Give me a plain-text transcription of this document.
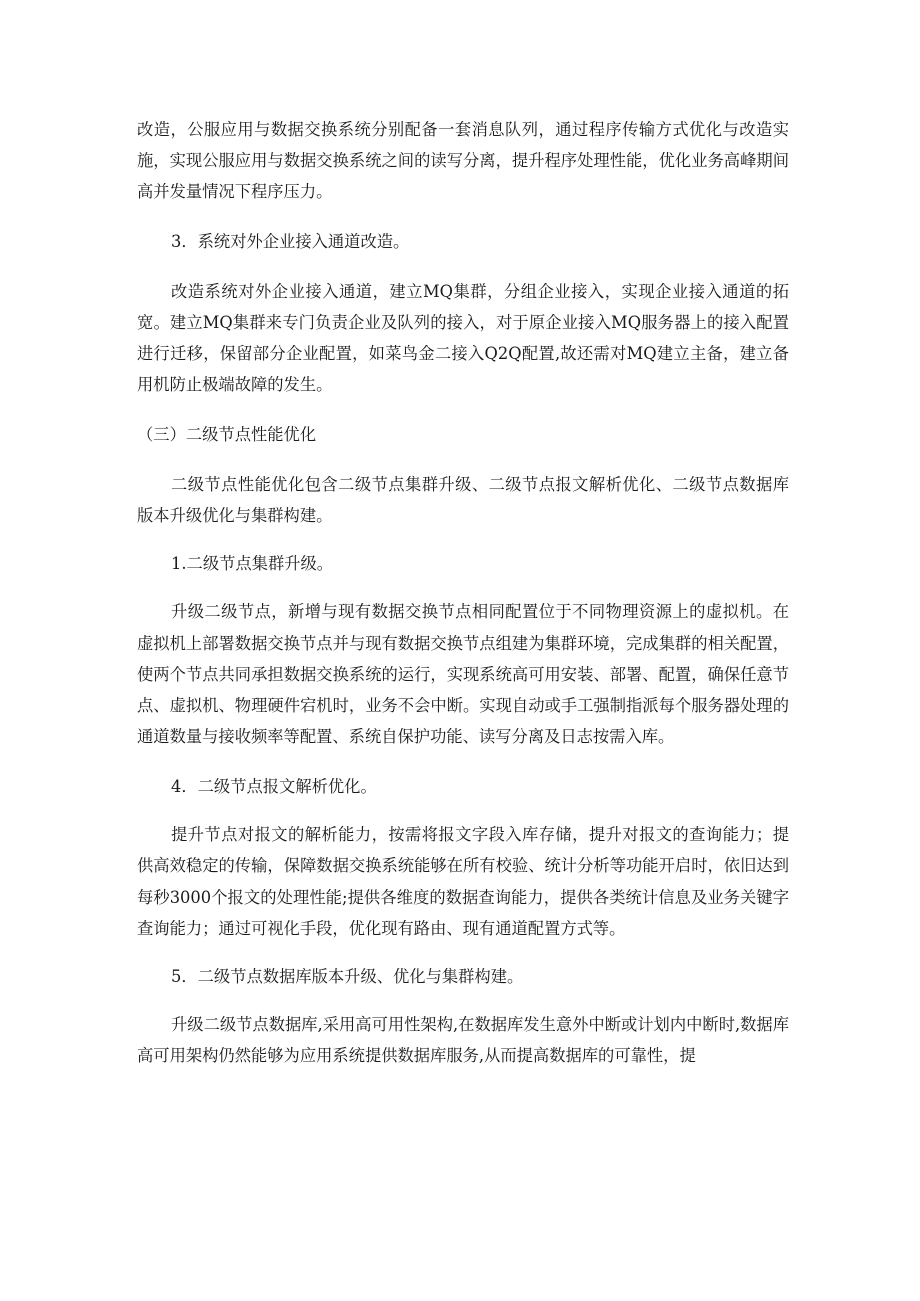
改造，公服应用与数据交换系统分别配备一套消息队列，通过程序传输方式优化与改造实施，实现公服应用与数据交换系统之间的读写分离，提升程序处理性能，优化业务高峰期间高并发量情况下程序压力。

3．系统对外企业接入通道改造。

改造系统对外企业接入通道，建立MQ集群，分组企业接入，实现企业接入通道的拓宽。建立MQ集群来专门负责企业及队列的接入，对于原企业接入MQ服务器上的接入配置进行迁移，保留部分企业配置，如菜鸟金二接入Q2Q配置,故还需对MQ建立主备，建立备用机防止极端故障的发生。

（三）二级节点性能优化

二级节点性能优化包含二级节点集群升级、二级节点报文解析优化、二级节点数据库版本升级优化与集群构建。

1.二级节点集群升级。

升级二级节点，新增与现有数据交换节点相同配置位于不同物理资源上的虚拟机。在虚拟机上部署数据交换节点并与现有数据交换节点组建为集群环境，完成集群的相关配置，使两个节点共同承担数据交换系统的运行，实现系统高可用安装、部署、配置，确保任意节点、虚拟机、物理硬件宕机时，业务不会中断。实现自动或手工强制指派每个服务器处理的通道数量与接收频率等配置、系统自保护功能、读写分离及日志按需入库。

4．二级节点报文解析优化。

提升节点对报文的解析能力，按需将报文字段入库存储，提升对报文的查询能力；提供高效稳定的传输，保障数据交换系统能够在所有校验、统计分析等功能开启时，依旧达到每秒3000个报文的处理性能;提供各维度的数据查询能力，提供各类统计信息及业务关键字查询能力；通过可视化手段，优化现有路由、现有通道配置方式等。

5．二级节点数据库版本升级、优化与集群构建。

升级二级节点数据库,采用高可用性架构,在数据库发生意外中断或计划内中断时,数据库高可用架构仍然能够为应用系统提供数据库服务,从而提高数据库的可靠性，提
